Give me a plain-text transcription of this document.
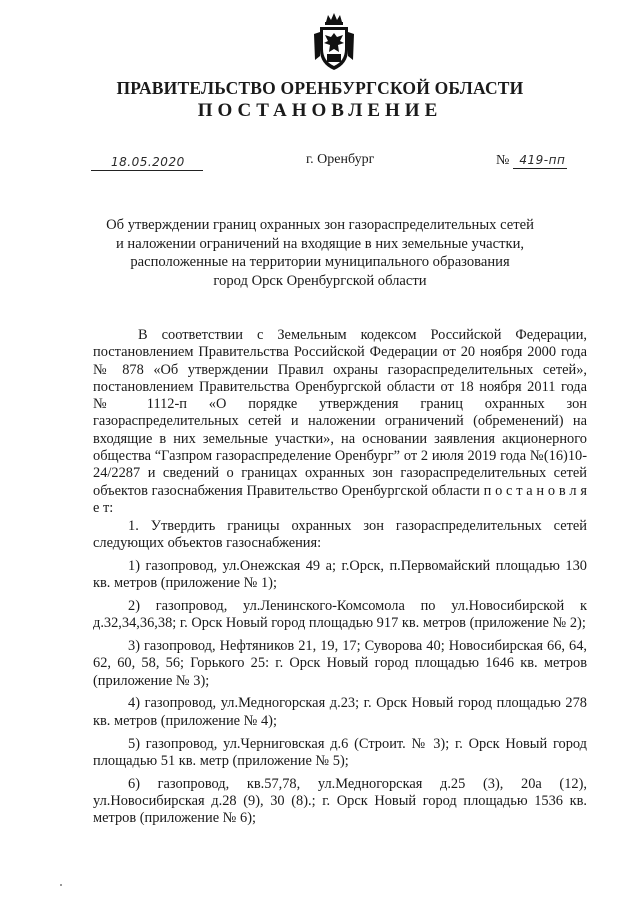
ПРАВИТЕЛЬСТВО ОРЕНБУРГСКОЙ ОБЛАСТИ
ПОСТАНОВЛЕНИЕ
18.05.2020	г. Оренбург	№ 419-пп
Об утверждении границ охранных зон газораспределительных сетей
и наложении ограничений на входящие в них земельные участки,
расположенные на территории муниципального образования
город Орск Оренбургской области

В соответствии с Земельным кодексом Российской Федерации, постановлением Правительства Российской Федерации от 20 ноября 2000 года № 878 «Об утверждении Правил охраны газораспределительных сетей», постановлением Правительства Оренбургской области от 18 ноября 2011 года № 1112-п «О порядке утверждения границ охранных зон газораспределительных сетей и наложении ограничений (обременений) на входящие в них земельные участки», на основании заявления акционерного общества “Газпром газораспределение Оренбург” от 2 июля 2019 года №(16)10-24/2287 и сведений о границах охранных зон газораспределительных сетей объектов газоснабжения Правительство Оренбургской области п о с т а н о в л я е т:

1. Утвердить границы охранных зон газораспределительных сетей следующих объектов газоснабжения:

1) газопровод, ул.Онежская 49 а; г.Орск, п.Первомайский площадью 130 кв. метров (приложение № 1);

2) газопровод, ул.Ленинского-Комсомола по ул.Новосибирской к д.32,34,36,38; г. Орск Новый город площадью 917 кв. метров (приложение № 2);

3) газопровод, Нефтяников 21, 19, 17; Суворова 40; Новосибирская 66, 64, 62, 60, 58, 56; Горького 25: г. Орск Новый город площадью 1646 кв. метров (приложение № 3);

4) газопровод, ул.Медногорская д.23; г. Орск Новый город площадью 278 кв. метров (приложение № 4);

5) газопровод, ул.Черниговская д.6 (Строит. № 3); г. Орск Новый город площадью 51 кв. метр (приложение № 5);

6) газопровод, кв.57,78, ул.Медногорская д.25 (3), 20а (12), ул.Новосибирская д.28 (9), 30 (8).; г. Орск Новый город площадью 1536 кв. метров (приложение № 6);
